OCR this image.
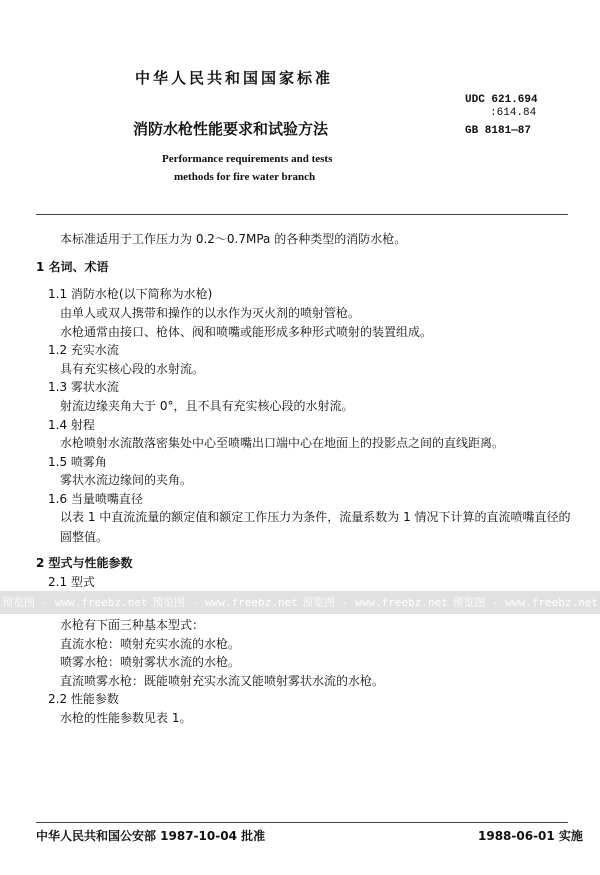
中华人民共和国国家标准
UDC 621.694
:614.84
消防水枪性能要求和试验方法	GB 8181—87
Performance requirements and tests
methods for fire water branch
本标准适用于工作压力为 0.2～0.7MPa 的各种类型的消防水枪。
1 名词、术语
1.1 消防水枪(以下简称为水枪)
由单人或双人携带和操作的以水作为灭火剂的喷射管枪。
水枪通常由接口、枪体、阀和喷嘴或能形成多种形式喷射的装置组成。
1.2 充实水流
具有充实核心段的水射流。
1.3 雾状水流
射流边缘夹角大于 0°，且不具有充实核心段的水射流。
1.4 射程
水枪喷射水流散落密集处中心至喷嘴出口端中心在地面上的投影点之间的直线距离。
1.5 喷雾角
雾状水流边缘间的夹角。
1.6 当量喷嘴直径
以表 1 中直流流量的额定值和额定工作压力为条件，流量系数为 1 情况下计算的直流喷嘴直径的
圆整值。
2 型式与性能参数
2.1 型式
水枪有下面三种基本型式：
直流水枪：喷射充实水流的水枪。
喷雾水枪：喷射雾状水流的水枪。
直流喷雾水枪：既能喷射充实水流又能喷射雾状水流的水枪。
2.2 性能参数
水枪的性能参数见表 1。
预览图 - www.freebz.net 预览图 - www.freebz.net 预览图 - www.freebz.net 预览图 - www.freebz.net
中华人民共和国公安部 1987-10-04 批准	1988-06-01 实施
